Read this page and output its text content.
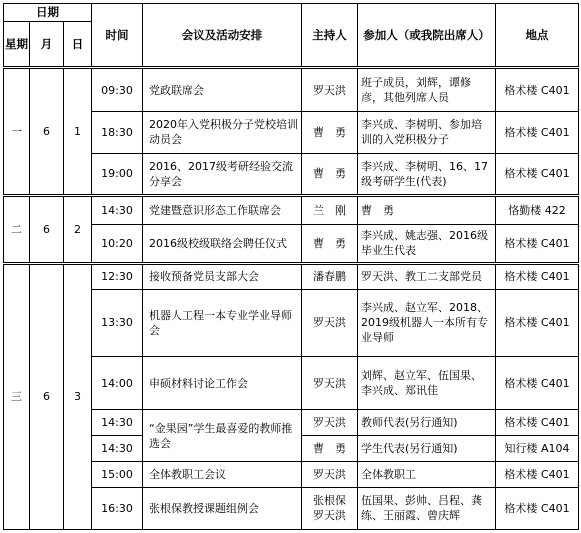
日期			时间	会议及活动安排	主持人	参加人（或我院出席人）	地点
星期	月	日					
一	6	1	09:30	党政联席会	罗天洪	班子成员，刘辉，谭修彦，其他列席人员	格术楼 C401
			18:30	2020年入党积极分子党校培训动员会	曹　勇	李兴成、李树明、参加培训的入党积极分子	格术楼 C401
			19:00	2016、2017级考研经验交流分享会	曹　勇	李兴成、李树明、16、17级考研学生(代表)	格术楼 C401
二	6	2	14:30	党建暨意识形态工作联席会	兰　刚	曹　勇	恪勤楼 422
			10:20	2016级校级联络会聘任仪式	曹　勇	李兴成、姚志强、2016级毕业生代表	格术楼 C401
三	6	3	12:30	接收预备党员支部大会	潘春鹏	罗天洪、教工二支部党员	格术楼 C401
			13:30	机器人工程一本专业学业导师会	罗天洪	李兴成、赵立军、2018、2019级机器人一本所有专业导师	格术楼 C401
			14:00	申硕材料讨论工作会	罗天洪	刘辉、赵立军、伍国果、李兴成、郑讯佳	格术楼 C401
			14:30	“金果园”学生最喜爱的教师推选会	罗天洪	教师代表(另行通知)	格术楼 C401
			14:30		曹　勇	学生代表(另行通知)	知行楼 A104
			15:00	全体教职工会议	罗天洪	全体教职工	格术楼 C401
			16:30	张根保教授课题组例会	张根保　罗天洪	伍国果、彭帅、吕程、龚练、王丽霞、曾庆辉	格术楼 C401
